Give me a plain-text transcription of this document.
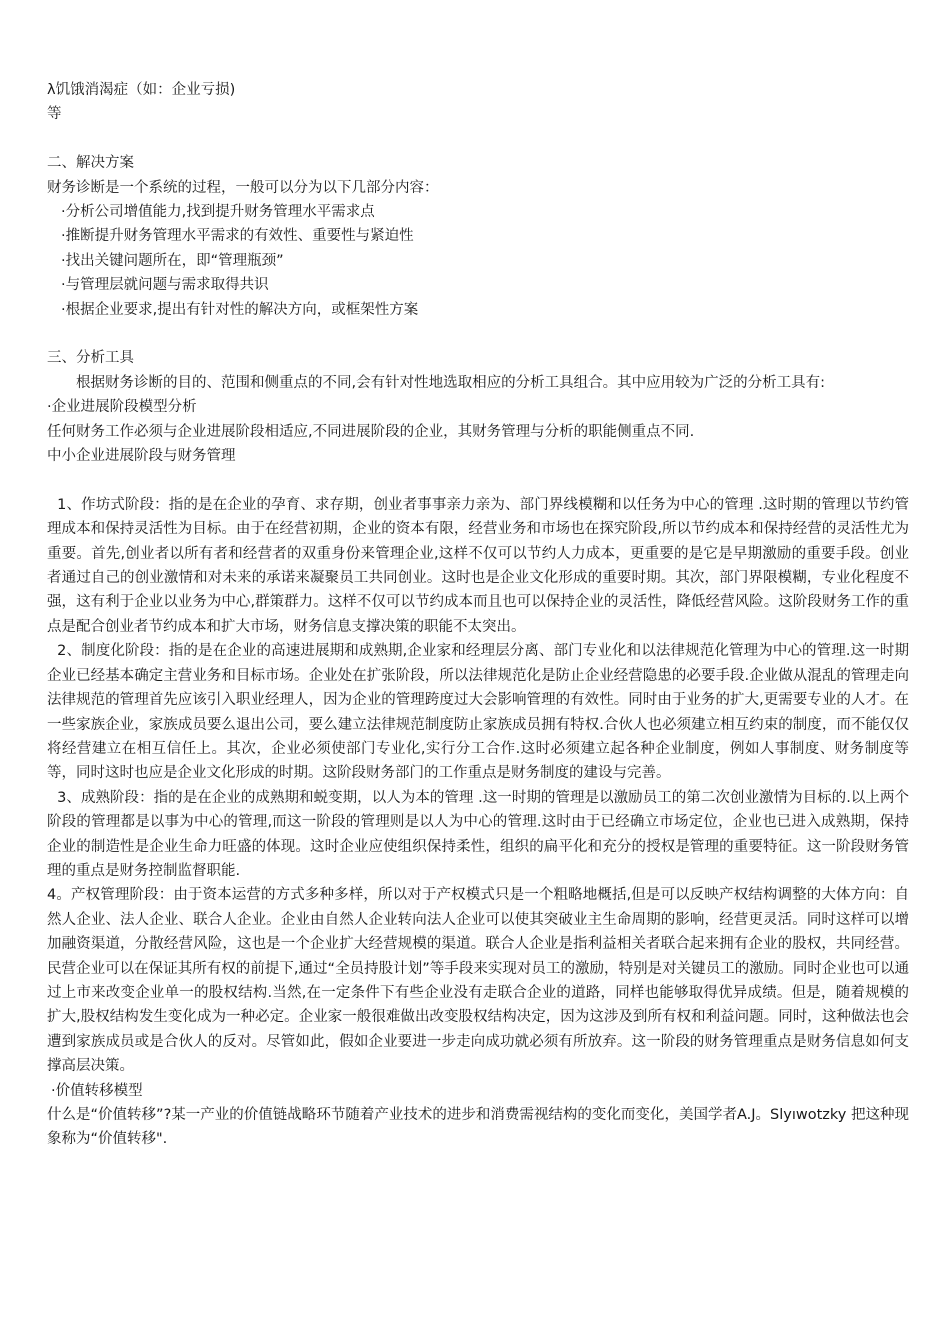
λ饥饿消渴症（如：企业亏损)
等
二、解决方案
财务诊断是一个系统的过程，一般可以分为以下几部分内容：
·分析公司增值能力,找到提升财务管理水平需求点
·推断提升财务管理水平需求的有效性、重要性与紧迫性
·找出关键问题所在，即“管理瓶颈”
·与管理层就问题与需求取得共识
·根据企业要求,提出有针对性的解决方向，或框架性方案
三、分析工具
根据财务诊断的目的、范围和侧重点的不同,会有针对性地选取相应的分析工具组合。其中应用较为广泛的分析工具有:
·企业进展阶段模型分析
任何财务工作必须与企业进展阶段相适应,不同进展阶段的企业，其财务管理与分析的职能侧重点不同.
中小企业进展阶段与财务管理
1、作坊式阶段：指的是在企业的孕育、求存期，创业者事事亲力亲为、部门界线模糊和以任务为中心的管理 .这时期的管理以节约管理成本和保持灵活性为目标。由于在经营初期，企业的资本有限，经营业务和市场也在探究阶段,所以节约成本和保持经营的灵活性尤为重要。首先,创业者以所有者和经营者的双重身份来管理企业,这样不仅可以节约人力成本，更重要的是它是早期激励的重要手段。创业者通过自己的创业激情和对未来的承诺来凝聚员工共同创业。这时也是企业文化形成的重要时期。其次，部门界限模糊，专业化程度不强，这有利于企业以业务为中心,群策群力。这样不仅可以节约成本而且也可以保持企业的灵活性，降低经营风险。这阶段财务工作的重点是配合创业者节约成本和扩大市场，财务信息支撑决策的职能不太突出。
2、制度化阶段：指的是在企业的高速进展期和成熟期,企业家和经理层分离、部门专业化和以法律规范化管理为中心的管理.这一时期企业已经基本确定主营业务和目标市场。企业处在扩张阶段，所以法律规范化是防止企业经营隐患的必要手段.企业做从混乱的管理走向法律规范的管理首先应该引入职业经理人，因为企业的管理跨度过大会影响管理的有效性。同时由于业务的扩大,更需要专业的人才。在一些家族企业，家族成员要么退出公司，要么建立法律规范制度防止家族成员拥有特权.合伙人也必须建立相互约束的制度，而不能仅仅将经营建立在相互信任上。其次，企业必须使部门专业化,实行分工合作.这时必须建立起各种企业制度，例如人事制度、财务制度等等，同时这时也应是企业文化形成的时期。这阶段财务部门的工作重点是财务制度的建设与完善。
3、成熟阶段：指的是在企业的成熟期和蜕变期，以人为本的管理 .这一时期的管理是以激励员工的第二次创业激情为目标的.以上两个阶段的管理都是以事为中心的管理,而这一阶段的管理则是以人为中心的管理.这时由于已经确立市场定位，企业也已进入成熟期，保持企业的制造性是企业生命力旺盛的体现。这时企业应使组织保持柔性，组织的扁平化和充分的授权是管理的重要特征。这一阶段财务管理的重点是财务控制监督职能.
4。产权管理阶段：由于资本运营的方式多种多样，所以对于产权模式只是一个粗略地概括,但是可以反映产权结构调整的大体方向：自然人企业、法人企业、联合人企业。企业由自然人企业转向法人企业可以使其突破业主生命周期的影响，经营更灵活。同时这样可以增加融资渠道，分散经营风险，这也是一个企业扩大经营规模的渠道。联合人企业是指利益相关者联合起来拥有企业的股权，共同经营。民营企业可以在保证其所有权的前提下,通过“全员持股计划”等手段来实现对员工的激励，特别是对关键员工的激励。同时企业也可以通过上市来改变企业单一的股权结构.当然,在一定条件下有些企业没有走联合企业的道路，同样也能够取得优异成绩。但是，随着规模的扩大,股权结构发生变化成为一种必定。企业家一般很难做出改变股权结构决定，因为这涉及到所有权和利益问题。同时，这种做法也会遭到家族成员或是合伙人的反对。尽管如此，假如企业要进一步走向成功就必须有所放弃。这一阶段的财务管理重点是财务信息如何支撑高层决策。
·价值转移模型
什么是“价值转移”?某一产业的价值链战略环节随着产业技术的进步和消费需视结构的变化而变化，美国学者A.J。Slyıwotzky 把这种现象称为“价值转移".
